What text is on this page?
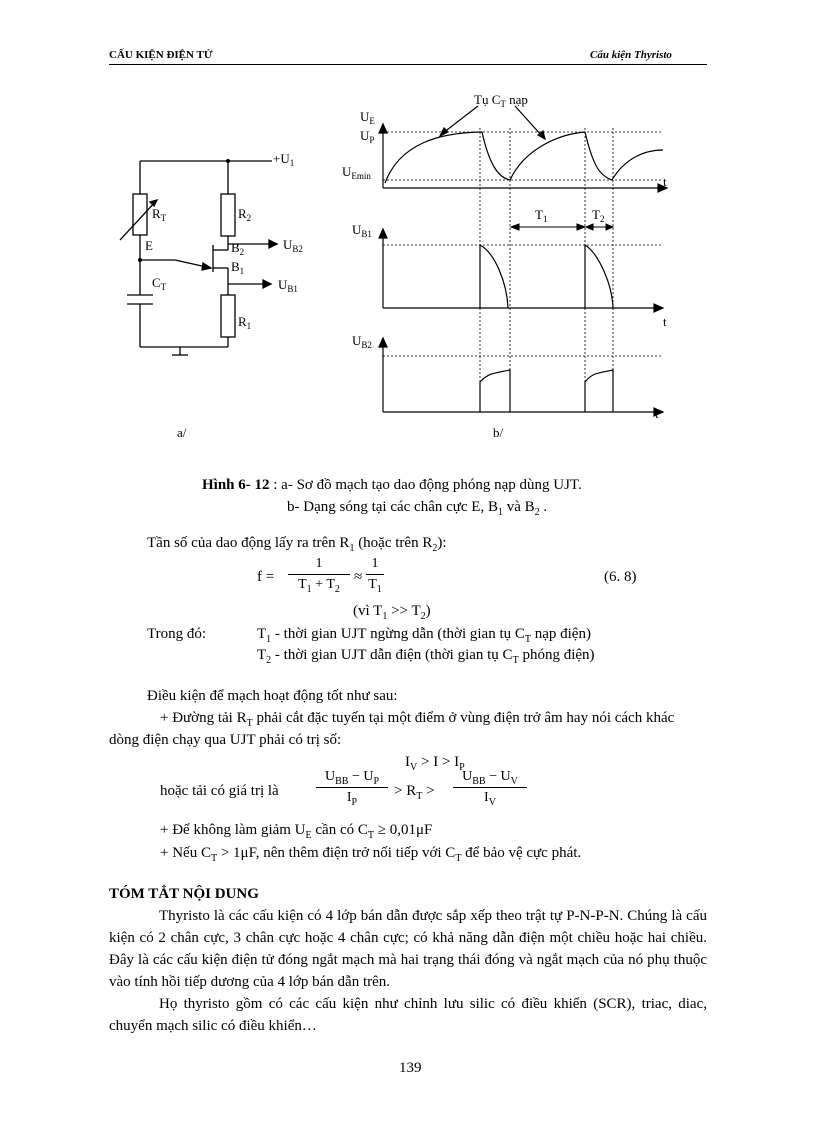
CẤU KIỆN ĐIỆN TỬ	Cấu kiện Thyristo
$+U_1$
$R_T$	$R_2$
E	$B_2$
$B_1$
$U_{B2}$
$U_{B1}$
$C_T$
$R_1$
a/
Tụ $C_T$ nạp
$U_E$
$U_P$
$U_{Emin}$	t
$T_1$	$T_2$
$U_{B1}$
t
$U_{B2}$
t
b/
Hình 6- 12 : a- Sơ đồ mạch tạo dao động phóng nạp dùng UJT.
b- Dạng sóng tại các chân cực E, $B_1$ và $B_2$ .
Tần số của dao động lấy ra trên $R_1$ (hoặc trên $R_2$):
f =
1
$T_1 + T_2$
≈
1
$T_1$
(6. 8)
(vì $T_1 >> T_2$)
Trong đó:	$T_1$ - thời gian UJT ngừng dẫn (thời gian tụ $C_T$ nạp điện)
$T_2$ - thời gian UJT dẫn điện (thời gian tụ $C_T$ phóng điện)
Điều kiện để mạch hoạt động tốt như sau:
+ Đường tải $R_T$ phải cắt đặc tuyến tại một điểm ở vùng điện trở âm hay nói cách khác
dòng điện chạy qua UJT phải có trị số:
$I_V > I > I_P$
hoặc tải có giá trị là
$U_{BB} - U_P$
$I_P$
> $R_T$ >
$U_{BB} - U_V$
$I_V$
+ Để không làm giảm $U_E$ cần có $C_T \ge 0,01\mu F$
+ Nếu $C_T > 1\mu F$, nên thêm điện trở nối tiếp với $C_T$ để bảo vệ cực phát.
TÓM TẮT NỘI DUNG
Thyristo là các cấu kiện có 4 lớp bán dẫn được sắp xếp theo trật tự P-N-P-N. Chúng là cấu kiện có 2 chân cực, 3 chân cực hoặc 4 chân cực; có khả năng dẫn điện một chiều hoặc hai chiều. Đây là các cấu kiện điện tử đóng ngắt mạch mà hai trạng thái đóng và ngắt mạch của nó phụ thuộc vào tính hồi tiếp dương của 4 lớp bán dẫn trên.
Họ thyristo gồm có các cấu kiện như chỉnh lưu silic có điều khiển (SCR), triac, diac, chuyển mạch silic có điều khiển…
139
